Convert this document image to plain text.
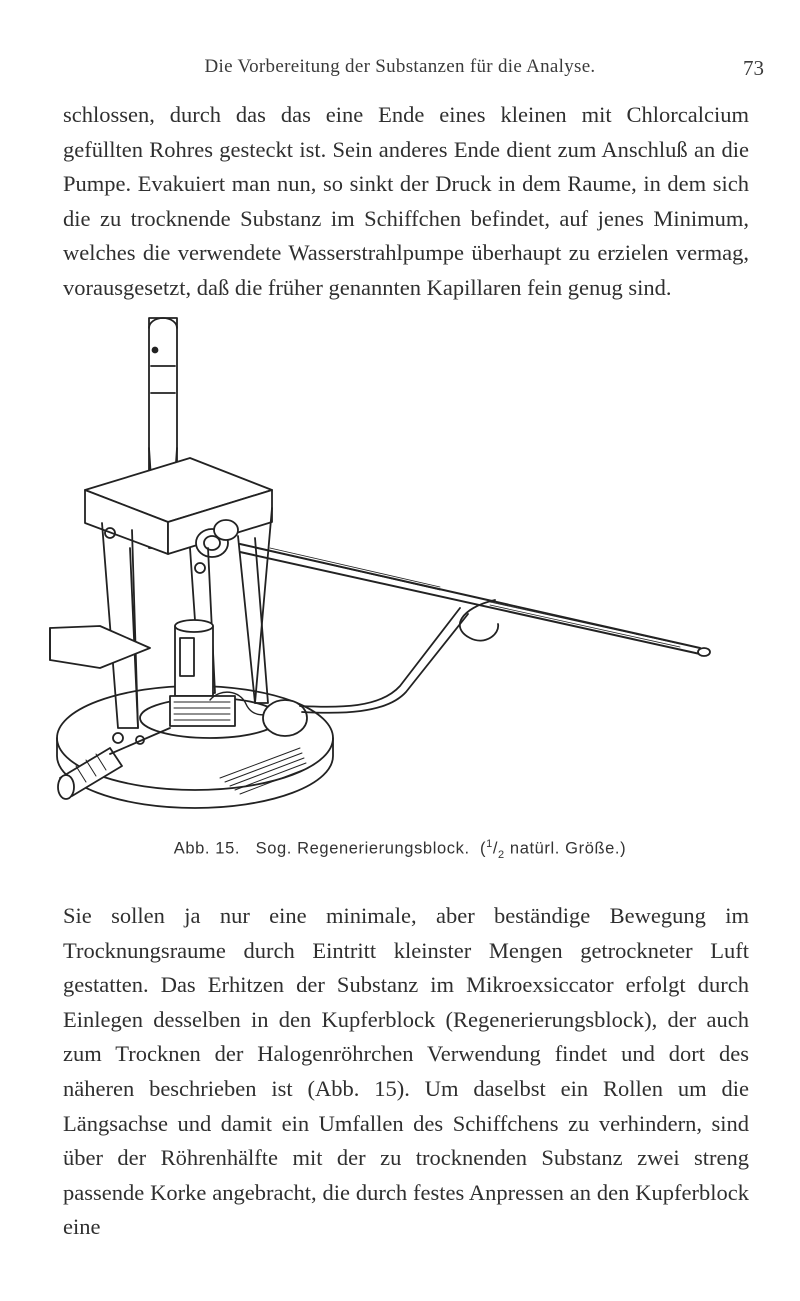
Die Vorbereitung der Substanzen für die Analyse.	73

schlossen, durch das das eine Ende eines kleinen mit Chlorcalcium gefüllten Rohres gesteckt ist. Sein anderes Ende dient zum Anschluß an die Pumpe. Evakuiert man nun, so sinkt der Druck in dem Raume, in dem sich die zu trocknende Substanz im Schiffchen befindet, auf jenes Minimum, welches die verwendete Wasserstrahlpumpe überhaupt zu erzielen vermag, vorausgesetzt, daß die früher genannten Kapillaren fein genug sind.

Abb. 15. Sog. Regenerierungsblock.  ($^1/_2$ natürl. Größe.)

Sie sollen ja nur eine minimale, aber beständige Bewegung im Trocknungsraume durch Eintritt kleinster Mengen getrockneter Luft gestatten. Das Erhitzen der Substanz im Mikroexsiccator erfolgt durch Einlegen desselben in den Kupferblock (Regenerierungsblock), der auch zum Trocknen der Halogenröhrchen Verwendung findet und dort des näheren beschrieben ist (Abb. 15). Um daselbst ein Rollen um die Längsachse und damit ein Umfallen des Schiffchens zu verhindern, sind über der Röhrenhälfte mit der zu trocknenden Substanz zwei streng passende Korke angebracht, die durch festes Anpressen an den Kupferblock eine
